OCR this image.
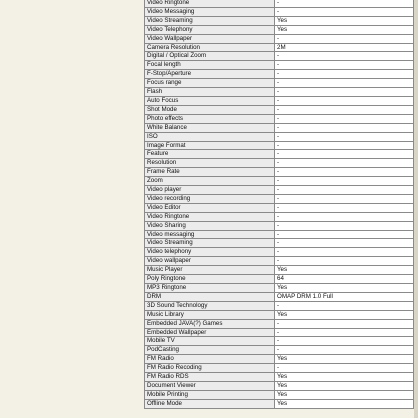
Video Ringtone	-
Video Messaging	-
Video Streaming	Yes
Video Telephony	Yes
Video Wallpaper	-
Camera Resolution	2M
Digital / Optical Zoom	-
Focal length	-
F-Stop/Aperture	-
Focus range	-
Flash	-
Auto Focus	-
Shot Mode	-
Photo effects	-
White Balance	-
ISO	-
Image Format	-
Feature	-
Resolution	-
Frame Rate	-
Zoom	-
Video player	-
Video recording	-
Video Editor	-
Video Ringtone	-
Video Sharing	-
Video messaging	-
Video Streaming	-
Video telephony	-
Video wallpaper	-
Music Player	Yes
Poly Ringtone	64
MP3 Ringtone	Yes
DRM	OMAP DRM 1.0 Full
3D Sound Technology	-
Music Library	Yes
Embedded JAVA(?) Games	-
Embedded Wallpaper	-
Mobile TV	-
PodCasting	-
FM Radio	Yes
FM Radio Recoding	-
FM Radio RDS	Yes
Document Viewer	Yes
Mobile Printing	Yes
Offline Mode	Yes
